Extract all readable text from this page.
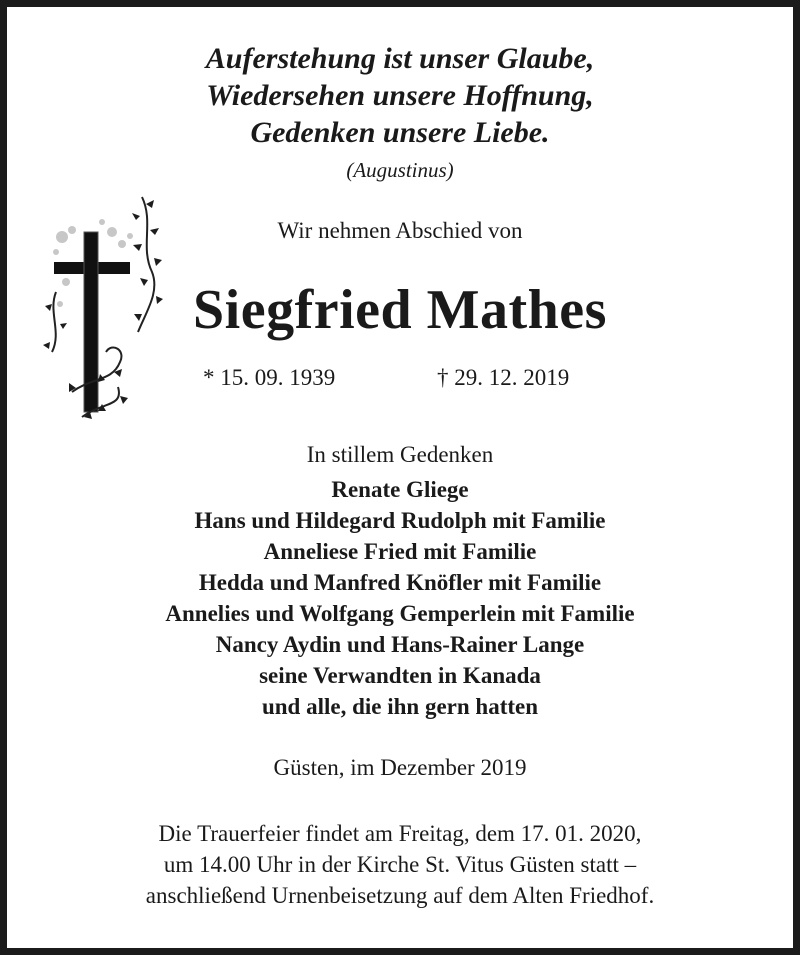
Auferstehung ist unser Glaube,
Wiedersehen unsere Hoffnung,
Gedenken unsere Liebe.
(Augustinus)
Wir nehmen Abschied von
Siegfried Mathes
* 15. 09. 1939	† 29. 12. 2019
In stillem Gedenken
Renate Gliege
Hans und Hildegard Rudolph mit Familie
Anneliese Fried mit Familie
Hedda und Manfred Knöfler mit Familie
Annelies und Wolfgang Gemperlein mit Familie
Nancy Aydin und Hans-Rainer Lange
seine Verwandten in Kanada
und alle, die ihn gern hatten
Güsten, im Dezember 2019
Die Trauerfeier findet am Freitag, dem 17. 01. 2020,
um 14.00 Uhr in der Kirche St. Vitus Güsten statt –
anschließend Urnenbeisetzung auf dem Alten Friedhof.
